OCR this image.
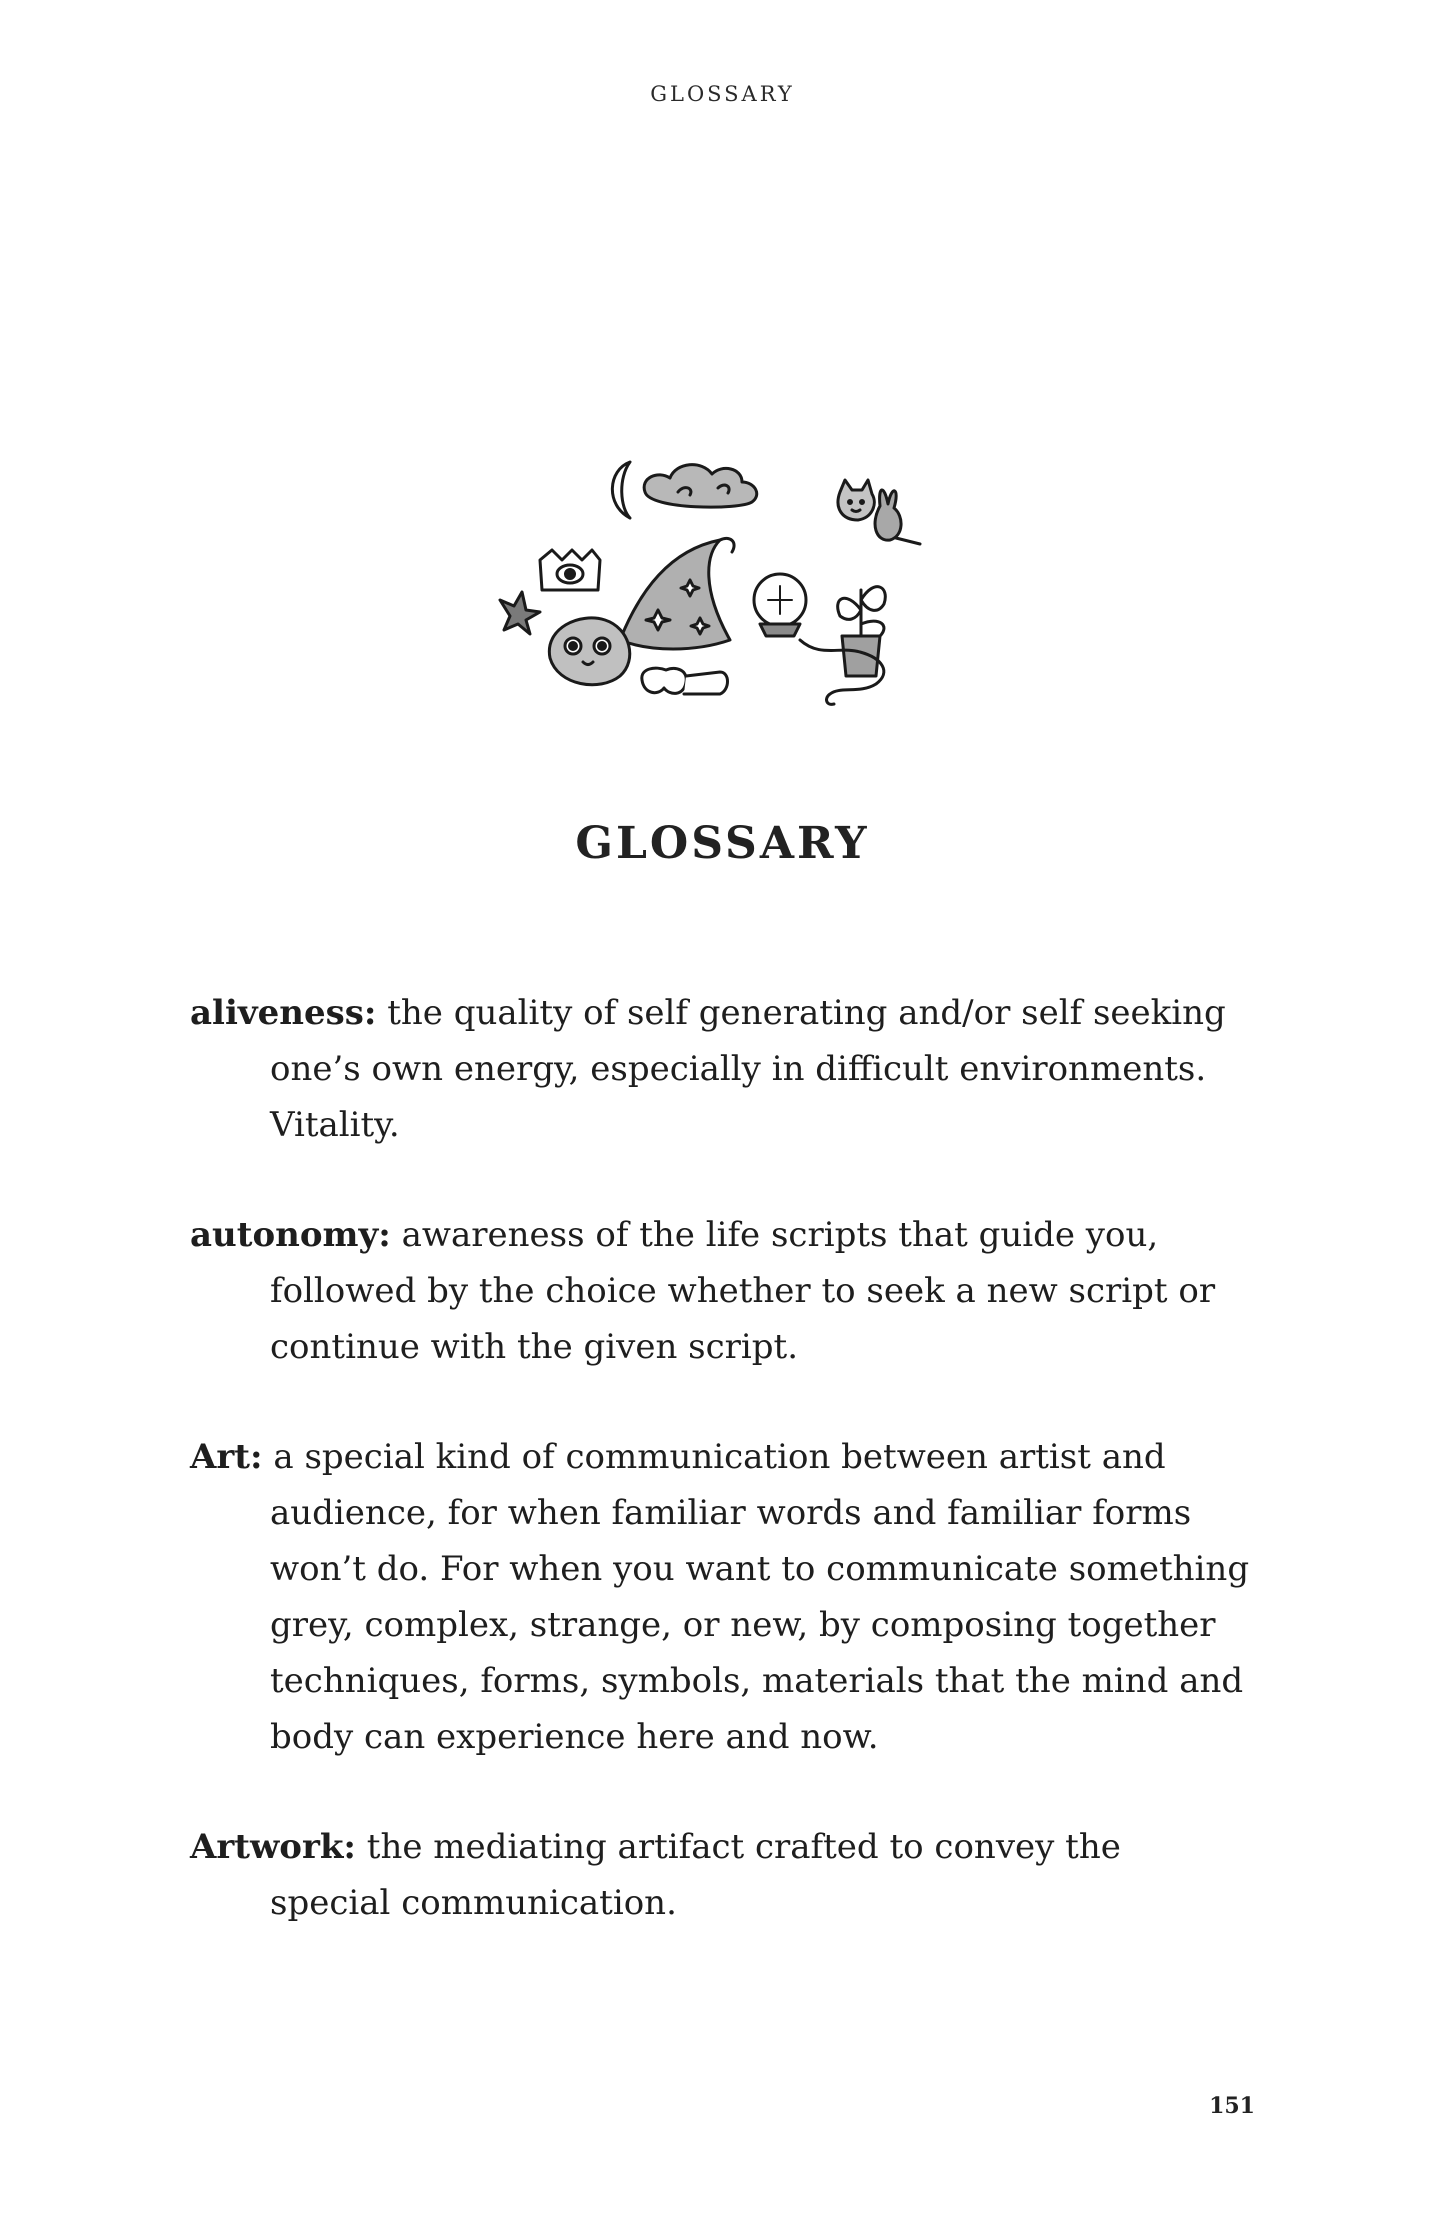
GLOSSARY
GLOSSARY

aliveness: the quality of self generating and/or self seeking one’s own energy, especially in difficult environments. Vitality.

autonomy: awareness of the life scripts that guide you, followed by the choice whether to seek a new script or continue with the given script.

Art: a special kind of communication between artist and audience, for when familiar words and familiar forms won’t do. For when you want to communicate something grey, complex, strange, or new, by composing together techniques, forms, symbols, materials that the mind and body can experience here and now.

Artwork: the mediating artifact crafted to convey the special communication.

151
